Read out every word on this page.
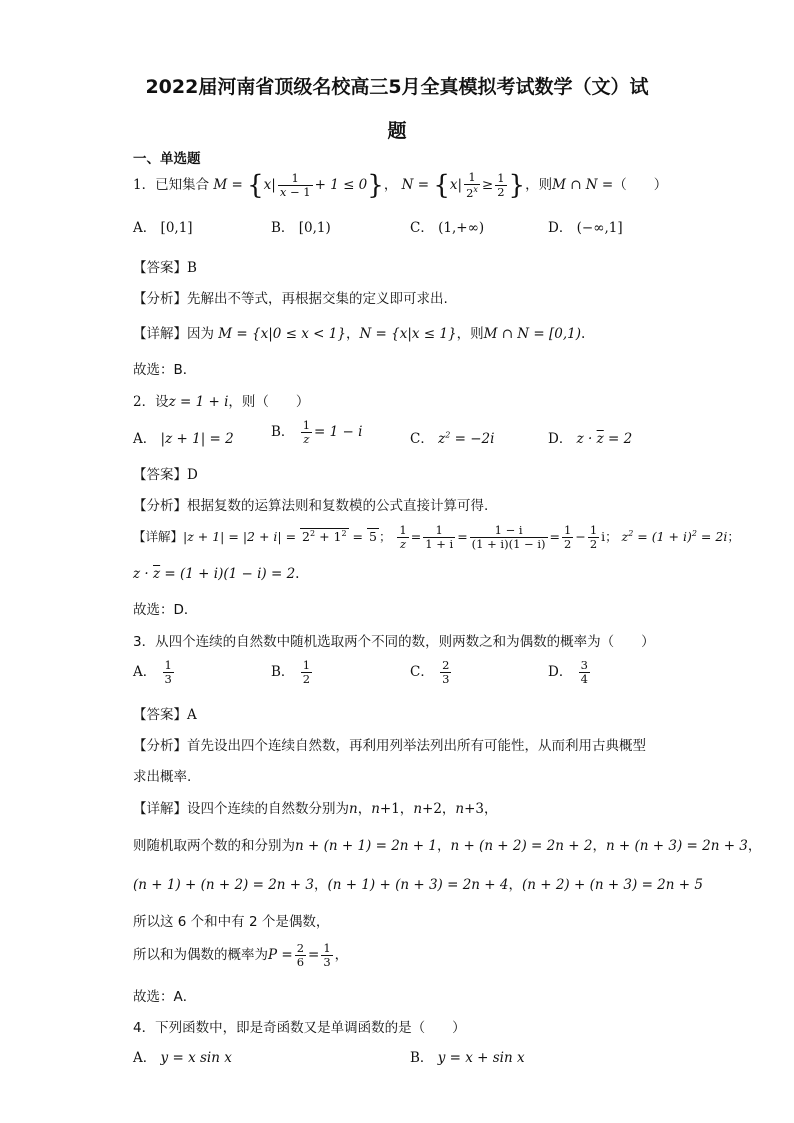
2022届河南省顶级名校高三5月全真模拟考试数学（文）试
题
一、单选题
1．已知集合 $M = \{x| \frac{1}{x - 1} + 1 \le 0\}$， $N = \{x| \frac{1}{2^x} \ge \frac{1}{2}$ }，则M ∩ N =（　　）
A． [0,1]	B． [0,1)	C． (1,+∞)	D． (−∞,1]
【答案】B
【分析】先解出不等式，再根据交集的定义即可求出.
【详解】因为 M = {x|0 ≤ x < 1}，N = {x|x ≤ 1}，则M ∩ N = [0,1).
故选：B．
2．设z = 1 + i，则（　　）
A． |z + 1| = 2	B． $\frac{1}{z} = 1 - i$	C． $z^2 = -2i$	D． $z \cdot \overline{z} = 2$
【答案】D
【分析】根据复数的运算法则和复数模的公式直接计算可得.
【详解】$|z + 1| = |2 + i| = 2^2 + 1^2 = 5$ ； $\frac{1}{z} = \frac{1}{1 + i} = \frac{1 - i}{(1 + i)(1 - i)} = \frac{1}{2} - \frac{1}{2}$ i； $z^2 = (1 + i)^2 = 2i$；
$z \cdot \overline{z} = (1 + i)(1 - i) = 2$.
故选：D．
3．从四个连续的自然数中随机选取两个不同的数，则两数之和为偶数的概率为（　　）
A． $\frac{1}{3}$	B． $\frac{1}{2}$	C． $\frac{2}{3}$	D． $\frac{3}{4}$
【答案】A
【分析】首先设出四个连续自然数，再利用列举法列出所有可能性，从而利用古典概型
求出概率.
【详解】设四个连续的自然数分别为n，n+1，n+2，n+3，
则随机取两个数的和分别为n + (n + 1) = 2n + 1，n + (n + 2) = 2n + 2，n + (n + 3) = 2n + 3，
(n + 1) + (n + 2) = 2n + 3，(n + 1) + (n + 3) = 2n + 4，(n + 2) + (n + 3) = 2n + 5
所以这 6 个和中有 2 个是偶数，
所以和为偶数的概率为$P = \frac{2}{6} = \frac{1}{3}$ ，
故选：A．
4．下列函数中，即是奇函数又是单调函数的是（　　）
A． y = x sin x	B． y = x + sin x
